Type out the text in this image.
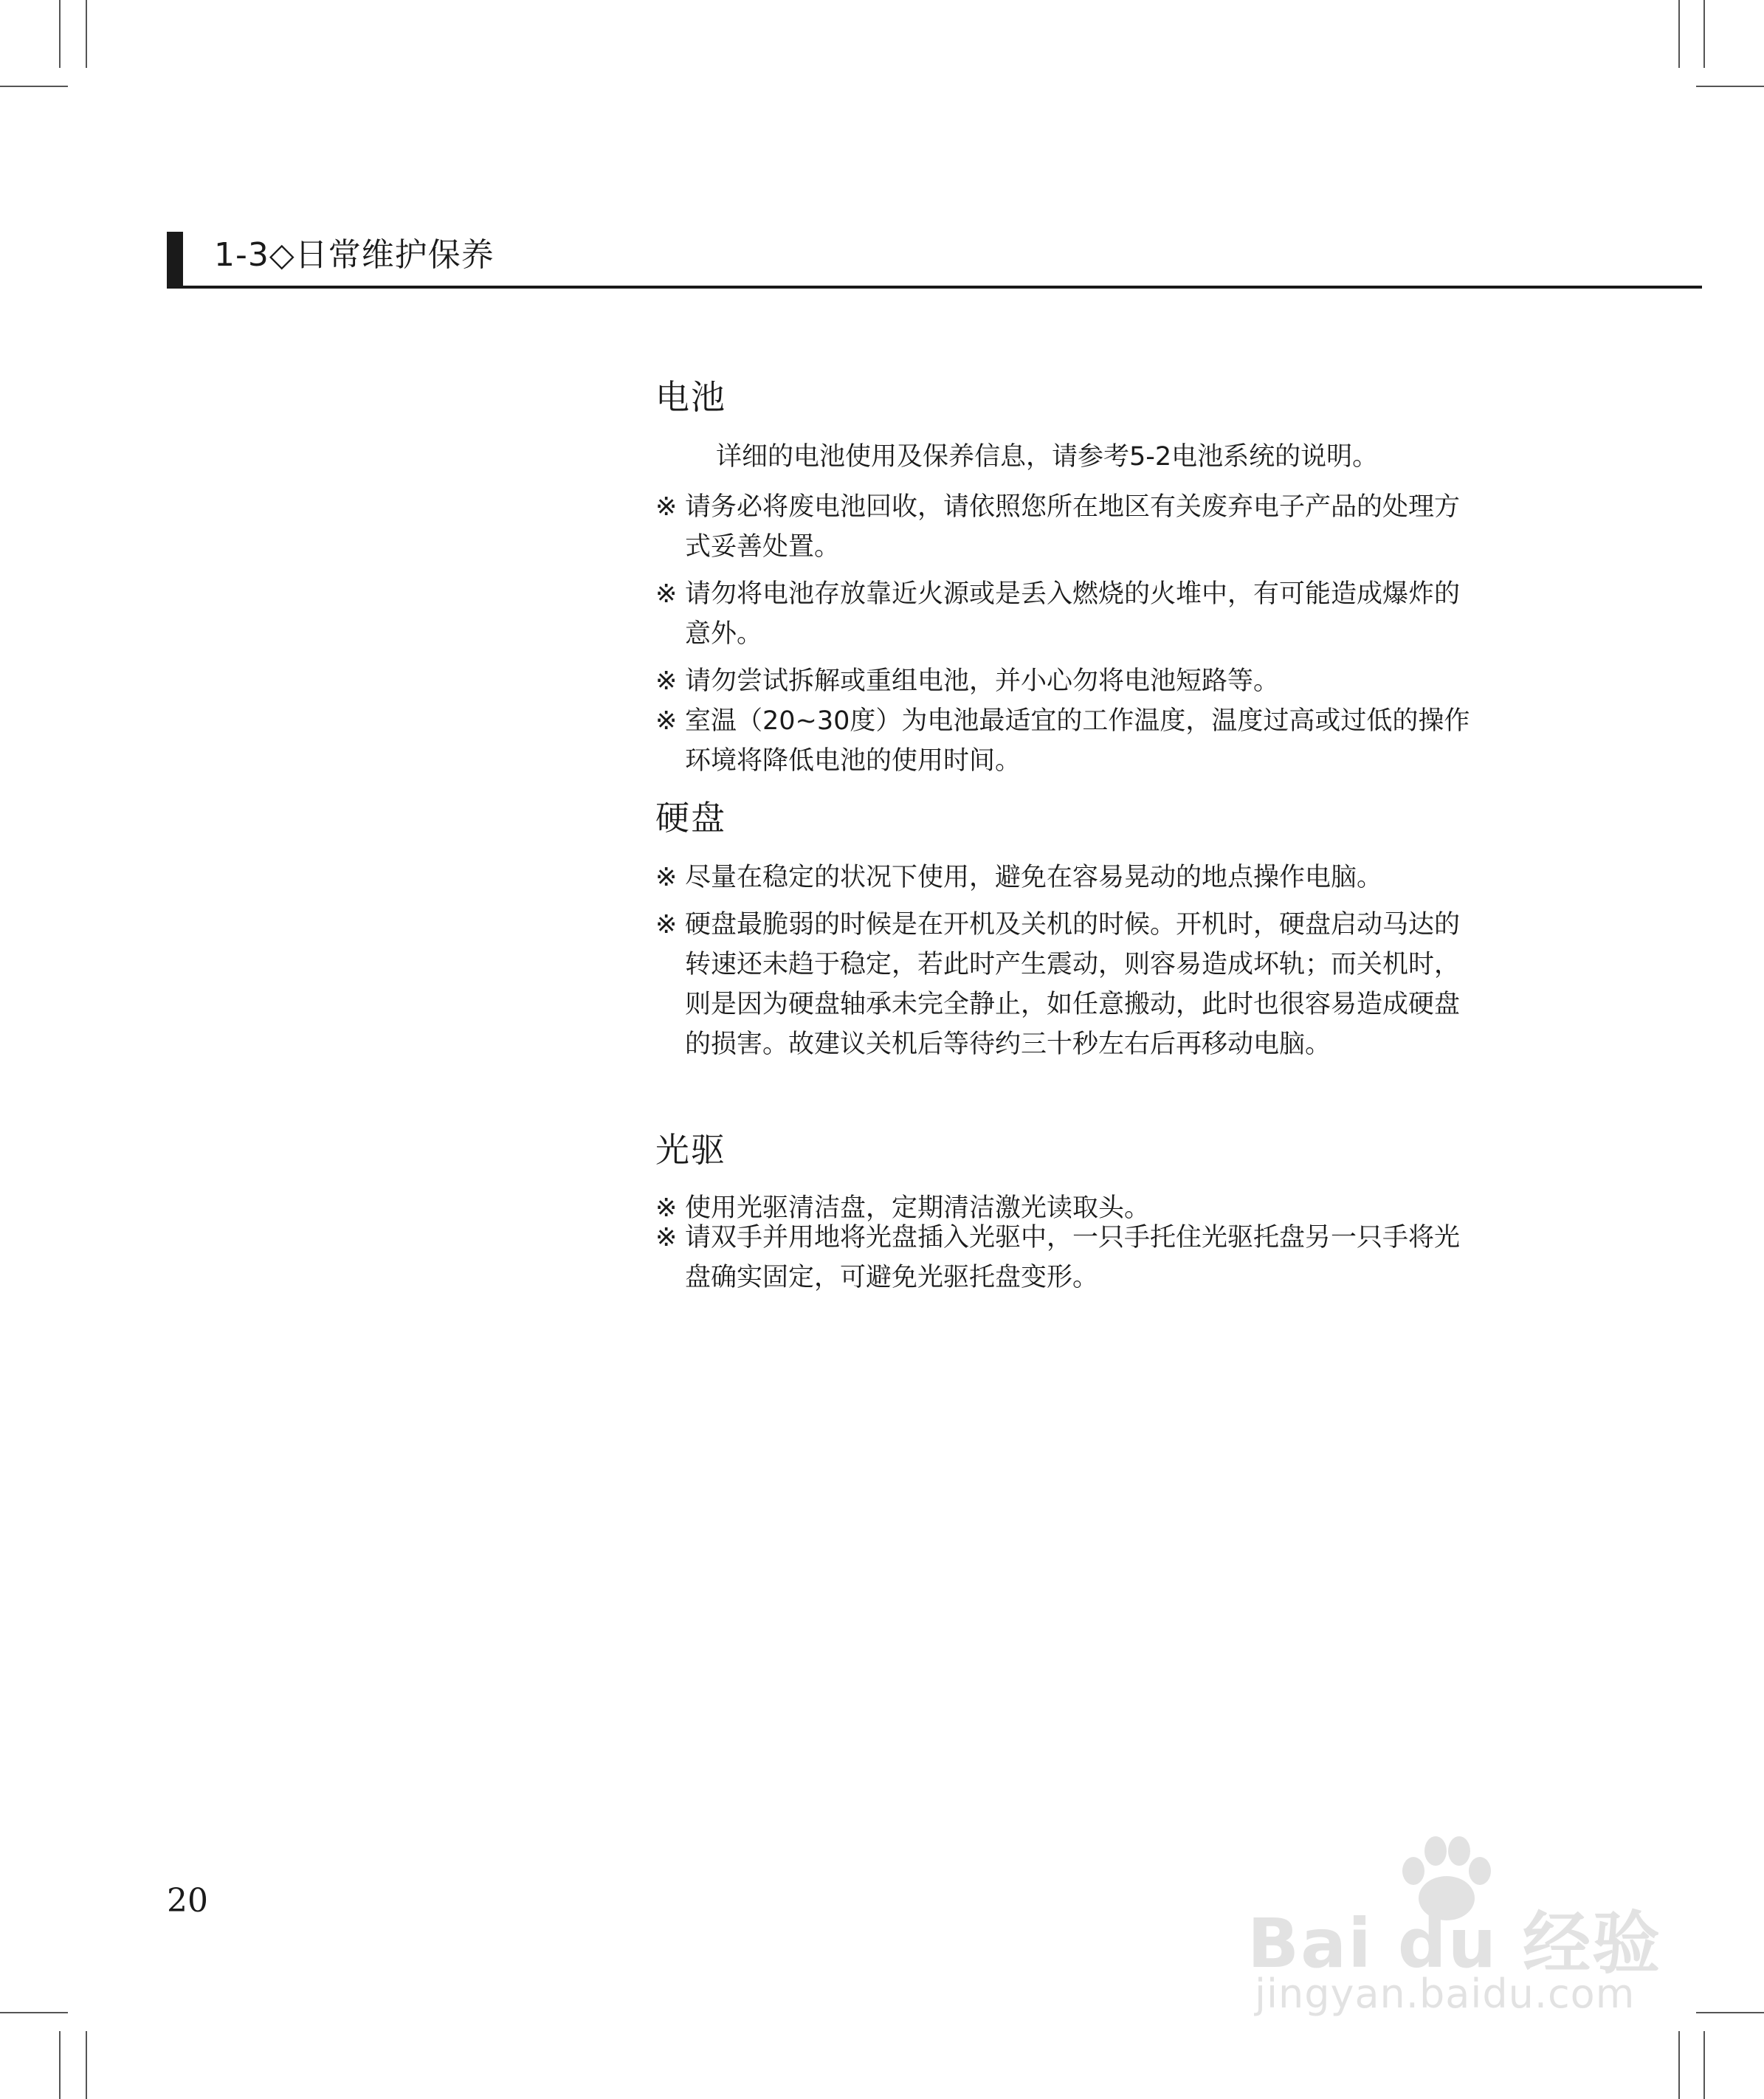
1-3◇日常维护保养
电池
详细的电池使用及保养信息，请参考5-2电池系统的说明。
※ 请务必将废电池回收，请依照您所在地区有关废弃电子产品的处理方式妥善处置。
※ 请勿将电池存放靠近火源或是丢入燃烧的火堆中，有可能造成爆炸的意外。
※ 请勿尝试拆解或重组电池，并小心勿将电池短路等。
※ 室温（20~30度）为电池最适宜的工作温度，温度过高或过低的操作环境将降低电池的使用时间。
硬盘
※ 尽量在稳定的状况下使用，避免在容易晃动的地点操作电脑。
※ 硬盘最脆弱的时候是在开机及关机的时候。开机时，硬盘启动马达的转速还未趋于稳定，若此时产生震动，则容易造成坏轨；而关机时，则是因为硬盘轴承未完全静止，如任意搬动，此时也很容易造成硬盘的损害。故建议关机后等待约三十秒左右后再移动电脑。
光驱
※ 使用光驱清洁盘，定期清洁激光读取头。
※ 请双手并用地将光盘插入光驱中，一只手托住光驱托盘另一只手将光盘确实固定，可避免光驱托盘变形。
20
Bai du 经验
jingyan.baidu.com
